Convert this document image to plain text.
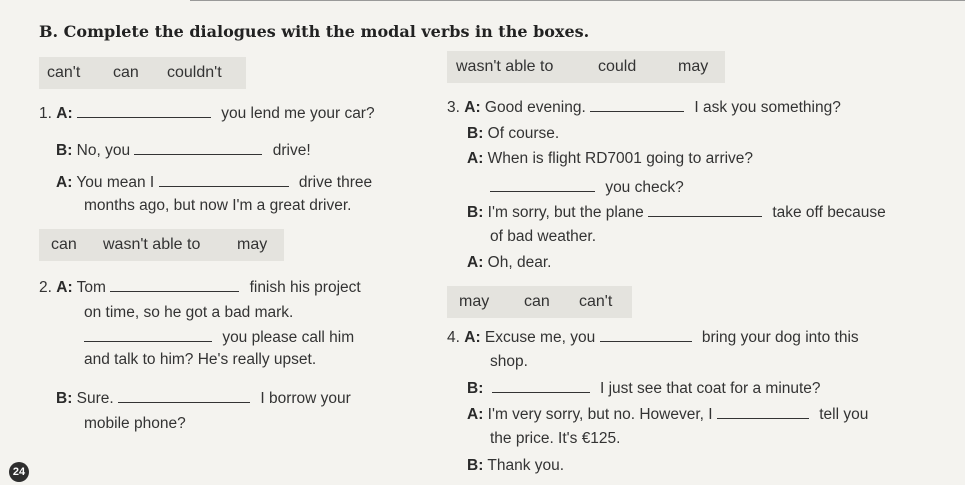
B. Complete the dialogues with the modal verbs in the boxes.
can't can couldn't	wasn't able to	could	may
1. A:	you lend me your car?
B: No, you	drive!
A: You mean I	drive three
months ago, but now I'm a great driver.
can wasn't able to may
2. A: Tom	finish his project
on time, so he got a bad mark.
you please call him
and talk to him? He's really upset.
B: Sure.	I borrow your
mobile phone?
3. A: Good evening.	I ask you something?
B: Of course.
A: When is flight RD7001 going to arrive?
you check?
B: I'm sorry, but the plane	take off because
of bad weather.
A: Oh, dear.
may can can't
4. A: Excuse me, you	bring your dog into this
shop.
B:	I just see that coat for a minute?
A: I'm very sorry, but no. However, I	tell you
the price. It's €125.
B: Thank you.
24
